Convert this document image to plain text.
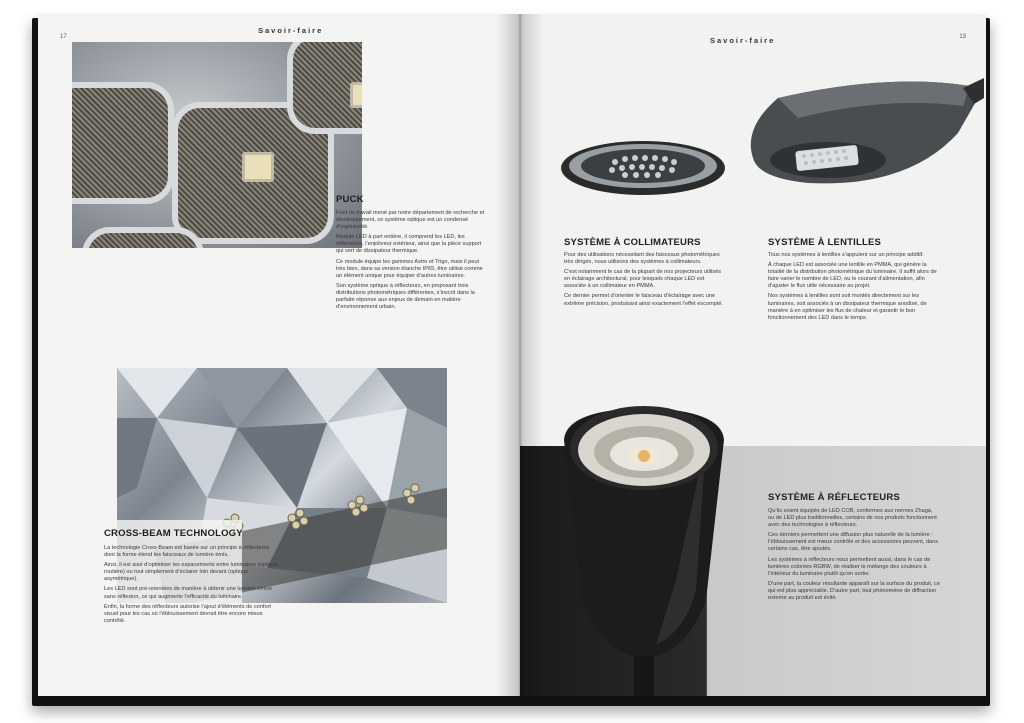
17
Savoir-faire
13
Savoir-faire
PUCK

Fruit du travail mené par notre département de recherche et développement, ce système optique est un condensé d’ingéniosité.

Module LED à part entière, il comprend les LED, les réflecteurs, l’enjoliveur extérieur, ainsi que la pièce support qui sert de dissipateur thermique.

Ce module équipe les gammes Astro et Trigo, mais il peut très bien, dans sa version étanche IP65, être utilisé comme un élément unique pour équiper d’autres luminaires.

Son système optique à réflecteurs, en proposant trois distributions photométriques différentes, s’inscrit dans la parfaite réponse aux enjeux de demain en matière d’environnement urbain.

CROSS-BEAM TECHNOLOGY

La technologie Cross-Beam est basée sur un principe à réflecteurs dont la forme étend les faisceaux de lumière émis.

Ainsi, il est aisé d’optimiser les espacements entre luminaires (optique routière) ou tout simplement d’éclairer loin devant (optique asymétrique).

Les LED sont pré-orientées de manière à obtenir une lumière émise sans réflexion, ce qui augmente l’efficacité du luminaire.

Enfin, la forme des réflecteurs autorise l’ajout d’éléments de confort visuel pour les cas où l’éblouissement devrait être encore mieux contrôlé.

SYSTÈME À COLLIMATEURS

Pour des utilisations nécessitant des faisceaux photométriques très dirigés, nous utilisons des systèmes à collimateurs.

C’est notamment le cas de la plupart de nos projecteurs utilisés en éclairage architectural, pour lesquels chaque LED est associée à un collimateur en PMMA.

Ce dernier permet d’orienter le faisceau d’éclairage avec une extrême précision, produisant ainsi exactement l’effet escompté.

SYSTÈME À LENTILLES

Tous nos systèmes à lentilles s’appuient sur un principe additif.

À chaque LED est associée une lentille en PMMA, qui génère la totalité de la distribution photométrique du luminaire. Il suffit alors de faire varier le nombre de LED, ou le courant d’alimentation, afin d’ajuster le flux utile nécessaire au projet.

Nos systèmes à lentilles sont soit montés directement sur les luminaires, soit associés à un dissipateur thermique anodisé, de manière à en optimiser les flux de chaleur et garantir le bon fonctionnement des LED dans le temps.

SYSTÈME À RÉFLECTEURS

Qu’ils soient équipés de LED COB, conformes aux normes Zhaga, ou de LED plus traditionnelles, certains de nos produits fonctionnent avec des technologies à réflecteurs.

Ces derniers permettent une diffusion plus naturelle de la lumière : l’éblouissement est mieux contrôlé et des accessoires peuvent, dans certains cas, être ajoutés.

Les systèmes à réflecteurs nous permettent aussi, dans le cas de lumières colorées RGBW, de réaliser le mélange des couleurs à l’intérieur du luminaire plutôt qu’en sortie.

D’une part, la couleur résultante apparaît sur la surface du produit, ce qui est plus appréciable. D’autre part, tout phénomène de diffraction externe au produit est évité.
